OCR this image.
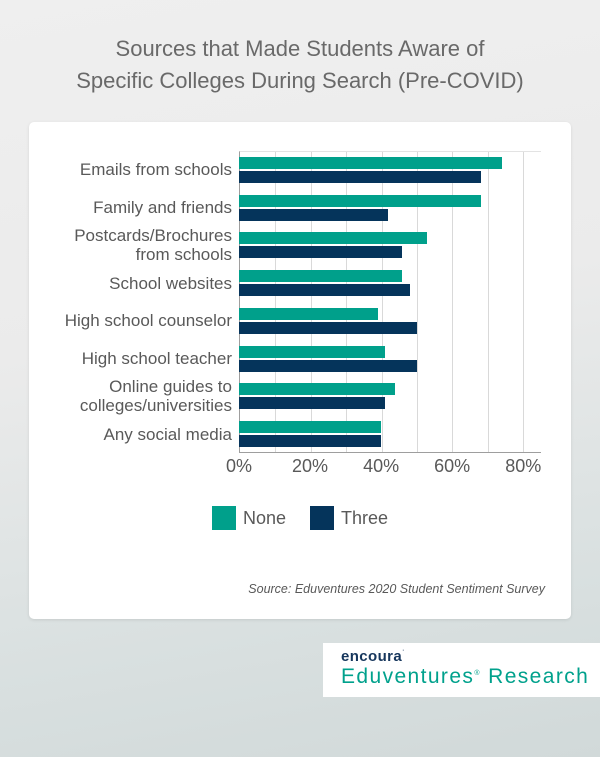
Sources that Made Students Aware of
Specific Colleges During Search (Pre-COVID)
Emails from schools
Family and friends
Postcards/Brochures
from schools
School websites
High school counselor
High school teacher
Online guides to
colleges/universities
Any social media
0% 20% 40% 60% 80%
None	Three
Source: Eduventures 2020 Student Sentiment Survey
encoura˙
Eduventures® Research
